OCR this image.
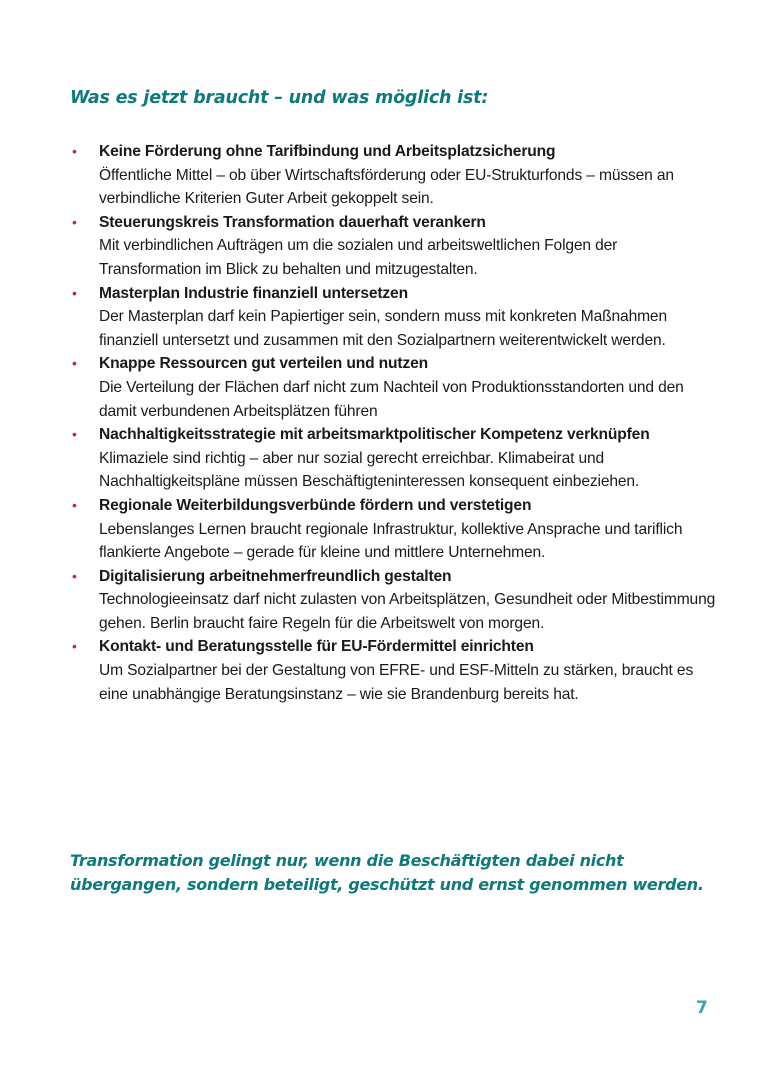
Was es jetzt braucht – und was möglich ist:
• Keine Förderung ohne Tarifbindung und Arbeitsplatzsicherung
Öffentliche Mittel – ob über Wirtschaftsförderung oder EU-Strukturfonds – müssen an verbindliche Kriterien Guter Arbeit gekoppelt sein.
• Steuerungskreis Transformation dauerhaft verankern
Mit verbindlichen Aufträgen um die sozialen und arbeitsweltlichen Folgen der Transformation im Blick zu behalten und mitzugestalten.
• Masterplan Industrie finanziell untersetzen
Der Masterplan darf kein Papiertiger sein, sondern muss mit konkreten Maßnahmen finanziell untersetzt und zusammen mit den Sozialpartnern weiterentwickelt werden.
• Knappe Ressourcen gut verteilen und nutzen
Die Verteilung der Flächen darf nicht zum Nachteil von Produktionsstandorten und den damit verbundenen Arbeitsplätzen führen
• Nachhaltigkeitsstrategie mit arbeitsmarktpolitischer Kompetenz verknüpfen
Klimaziele sind richtig – aber nur sozial gerecht erreichbar. Klimabeirat und  Nachhaltigkeitspläne müssen Beschäftigteninteressen konsequent einbeziehen.
• Regionale Weiterbildungsverbünde fördern und verstetigen
Lebenslanges Lernen braucht regionale Infrastruktur, kollektive Ansprache und tariflich flankierte Angebote – gerade für kleine und mittlere Unternehmen.
• Digitalisierung arbeitnehmerfreundlich gestalten
Technologieeinsatz darf nicht zulasten von Arbeitsplätzen, Gesundheit oder Mitbestimmung gehen. Berlin braucht faire Regeln für die Arbeitswelt von morgen.
• Kontakt- und Beratungsstelle für EU-Fördermittel einrichten
Um Sozialpartner bei der Gestaltung von EFRE- und ESF-Mitteln zu stärken, braucht es eine unabhängige Beratungsinstanz – wie sie Brandenburg bereits hat.

Transformation gelingt nur, wenn die Beschäftigten dabei nicht übergangen, sondern beteiligt, geschützt und ernst genommen werden.

7
